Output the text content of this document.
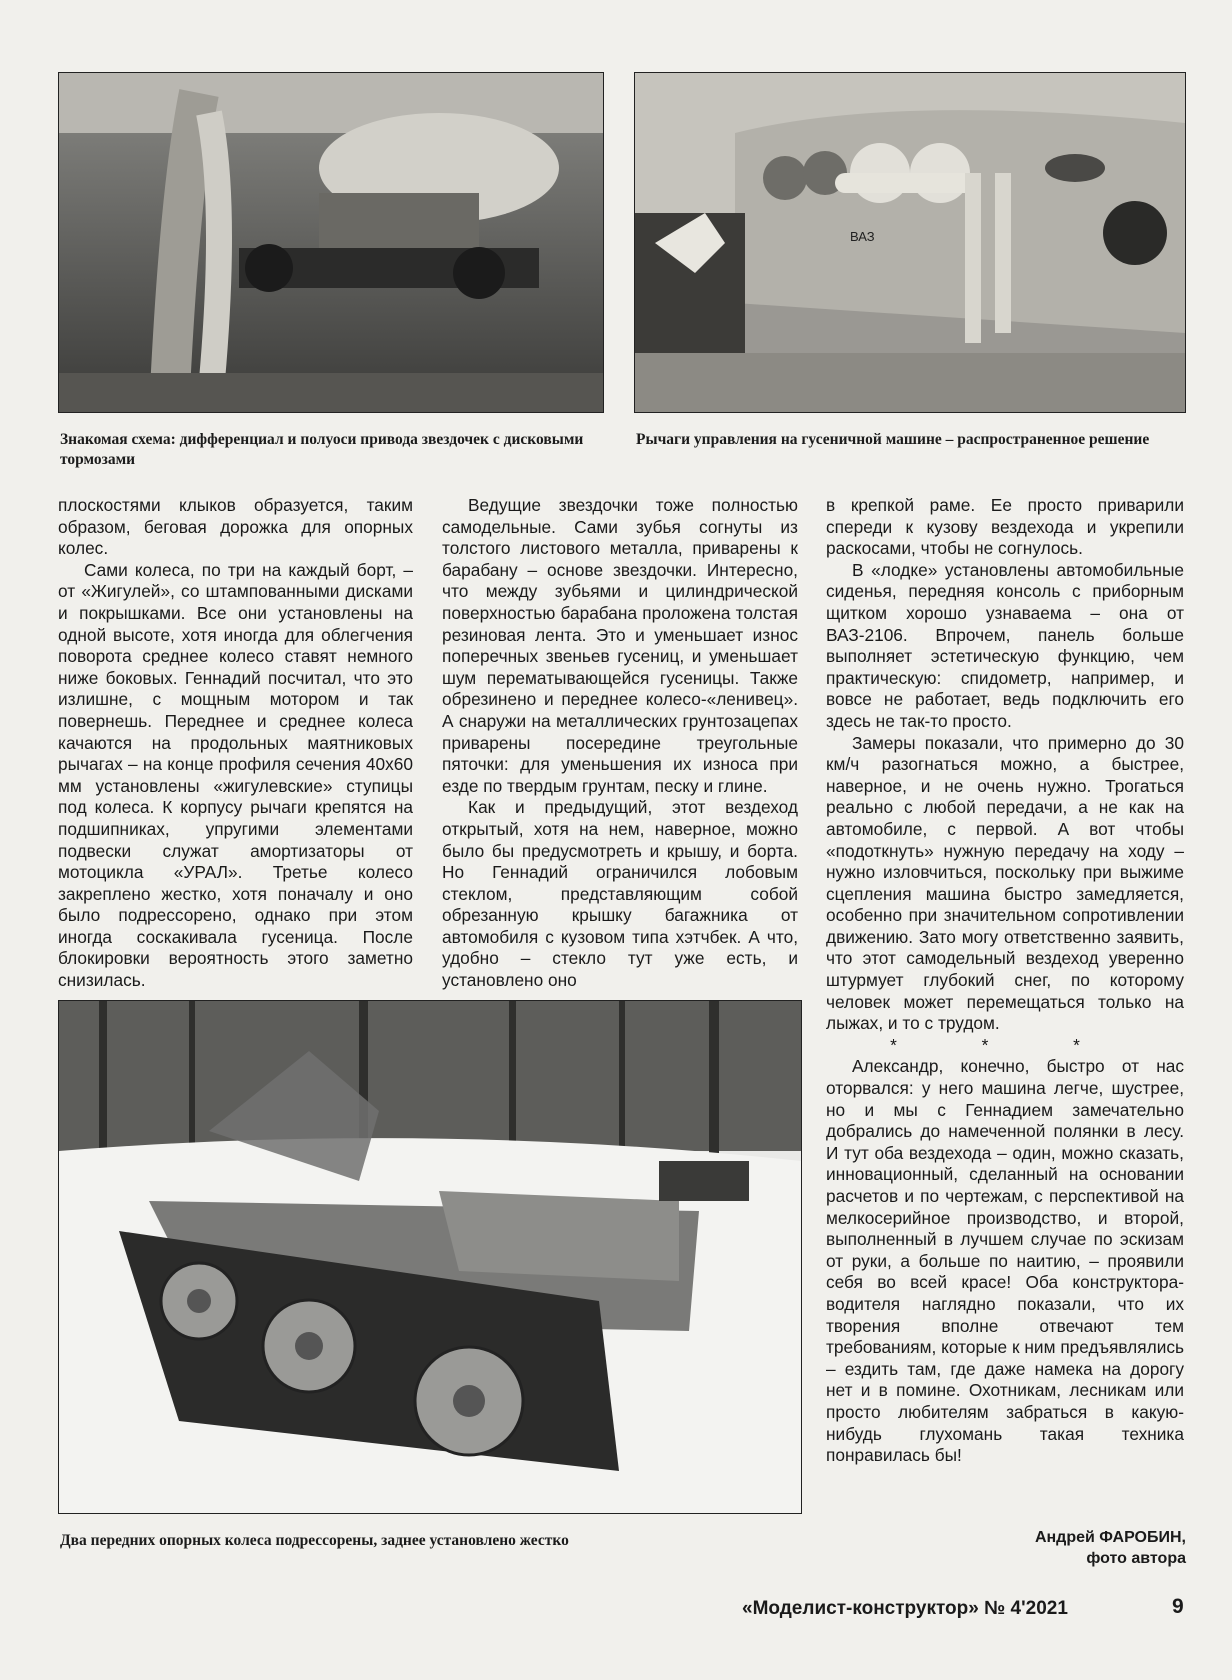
ВАЗ
Знакомая схема: дифференциал и полуоси привода звездочек с дисковыми тормозами
Рычаги управления на гусеничной машине – распространенное решение

плоскостями клыков образуется, таким образом, беговая дорожка для опорных колес.

Сами колеса, по три на каждый борт, – от «Жигулей», со штампованными дисками и покрышками. Все они установлены на одной высоте, хотя иногда для облегчения поворота среднее колесо ставят немного ниже боковых. Геннадий посчитал, что это излишне, с мощным мотором и так повернешь. Переднее и среднее колеса качаются на продольных маятниковых рычагах – на конце профиля сечения 40х60 мм установлены «жигулевские» ступицы под колеса. К корпусу рычаги крепятся на подшипниках, упругими элементами подвески служат амортизаторы от мотоцикла «УРАЛ». Третье колесо закреплено жестко, хотя поначалу и оно было подрессорено, однако при этом иногда соскакивала гусеница. После блокировки вероятность этого заметно снизилась.

Ведущие звездочки тоже полностью самодельные. Сами зубья согнуты из толстого листового металла, приварены к барабану – основе звездочки. Интересно, что между зубьями и цилиндрической поверхностью барабана проложена толстая резиновая лента. Это и уменьшает износ поперечных звеньев гусениц, и уменьшает шум перематывающейся гусеницы. Также обрезинено и переднее колесо-«ленивец». А снаружи на металлических грунтозацепах приварены посередине треугольные пяточки: для уменьшения их износа при езде по твердым грунтам, песку и глине.

Как и предыдущий, этот вездеход открытый, хотя на нем, наверное, можно было бы предусмотреть и крышу, и борта. Но Геннадий ограничился лобовым стеклом, представляющим собой обрезанную крышку багажника от автомобиля с кузовом типа хэтчбек. А что, удобно – стекло тут уже есть, и установлено оно

в крепкой раме. Ее просто приварили спереди к кузову вездехода и укрепили раскосами, чтобы не согнулось.

В «лодке» установлены автомобильные сиденья, передняя консоль с приборным щитком хорошо узнаваема – она от ВАЗ-2106. Впрочем, панель больше выполняет эстетическую функцию, чем практическую: спидометр, например, и вовсе не работает, ведь подключить его здесь не так-то просто.

Замеры показали, что примерно до 30 км/ч разогнаться можно, а быстрее, наверное, и не очень нужно. Трогаться реально с любой передачи, а не как на автомобиле, с первой. А вот чтобы «подоткнуть» нужную передачу на ходу – нужно изловчиться, поскольку при выжиме сцепления машина быстро замедляется, особенно при значительном сопротивлении движению. Зато могу ответственно заявить, что этот самодельный вездеход уверенно штурмует глубокий снег, по которому человек может перемещаться только на лыжах, и то с трудом.

* * *

Александр, конечно, быстро от нас оторвался: у него машина легче, шустрее, но и мы с Геннадием замечательно добрались до намеченной полянки в лесу. И тут оба вездехода – один, можно сказать, инновационный, сделанный на основании расчетов и по чертежам, с перспективой на мелкосерийное производство, и второй, выполненный в лучшем случае по эскизам от руки, а больше по наитию, – проявили себя во всей красе! Оба конструктора-водителя наглядно показали, что их творения вполне отвечают тем требованиям, которые к ним предъявлялись – ездить там, где даже намека на дорогу нет и в помине. Охотникам, лесникам или просто любителям забраться в какую-нибудь глухомань такая техника понравилась бы!

Два передних опорных колеса подрессорены, заднее установлено жестко	Андрей ФАРОБИН,
фото автора
«Моделист-конструктор» № 4'2021	9
